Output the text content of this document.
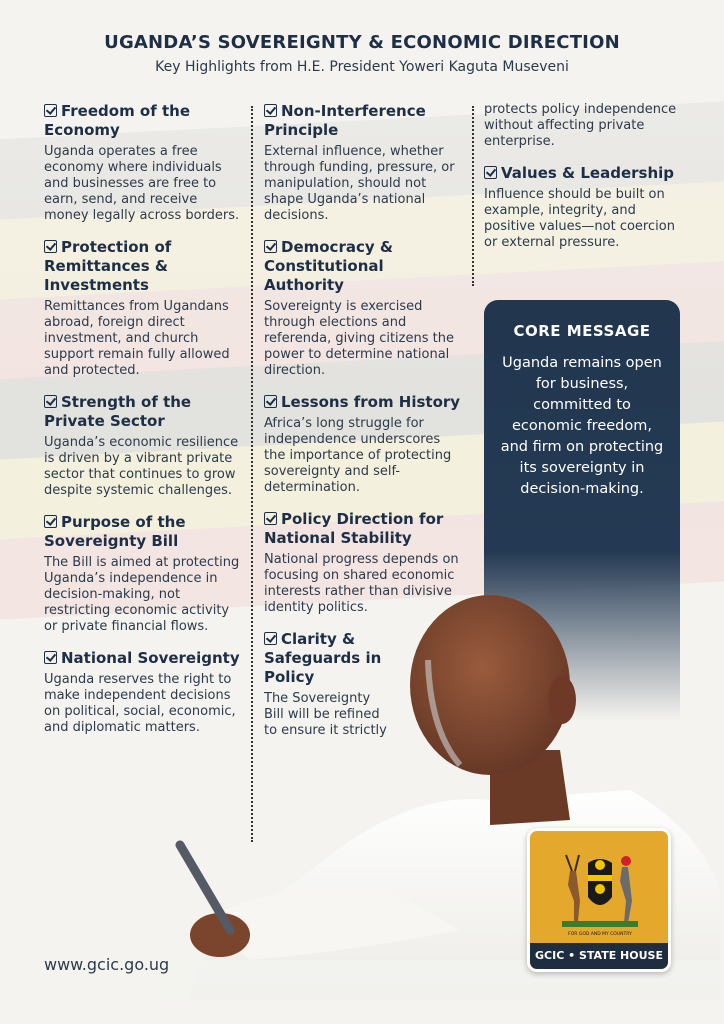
UGANDA’S SOVEREIGNTY & ECONOMIC DIRECTION
Key Highlights from H.E. President Yoweri Kaguta Museveni
Freedom of the Economy

Uganda operates a free economy where individuals and businesses are free to earn, send, and receive money legally across borders.

Protection of Remittances & Investments

Remittances from Ugandans abroad, foreign direct investment, and church support remain fully allowed and protected.

Strength of the Private Sector

Uganda’s economic resilience is driven by a vibrant private sector that continues to grow despite systemic challenges.

Purpose of the Sovereignty Bill

The Bill is aimed at protecting Uganda’s independence in decision-making, not restricting economic activity or private financial flows.

National Sovereignty

Uganda reserves the right to make independent decisions on political, social, economic, and diplomatic matters.

Non-Interference Principle

External influence, whether through funding, pressure, or manipulation, should not shape Uganda’s national decisions.

Democracy & Constitutional Authority

Sovereignty is exercised through elections and referenda, giving citizens the power to determine national direction.

Lessons from History

Africa’s long struggle for independence underscores the importance of protecting sovereignty and self-determination.

Policy Direction for National Stability

National progress depends on focusing on shared economic interests rather than divisive identity politics.

Clarity & Safeguards in Policy

The Sovereignty Bill will be refined to ensure it strictly

protects policy independence without affecting private enterprise.

Values & Leadership

Influence should be built on example, integrity, and positive values—not coercion or external pressure.

CORE MESSAGE

Uganda remains open for business, committed to economic freedom, and firm on protecting its sovereignty in decision-making.

www.gcic.go.ug
FOR GOD AND MY COUNTRY
GCIC • STATE HOUSE
